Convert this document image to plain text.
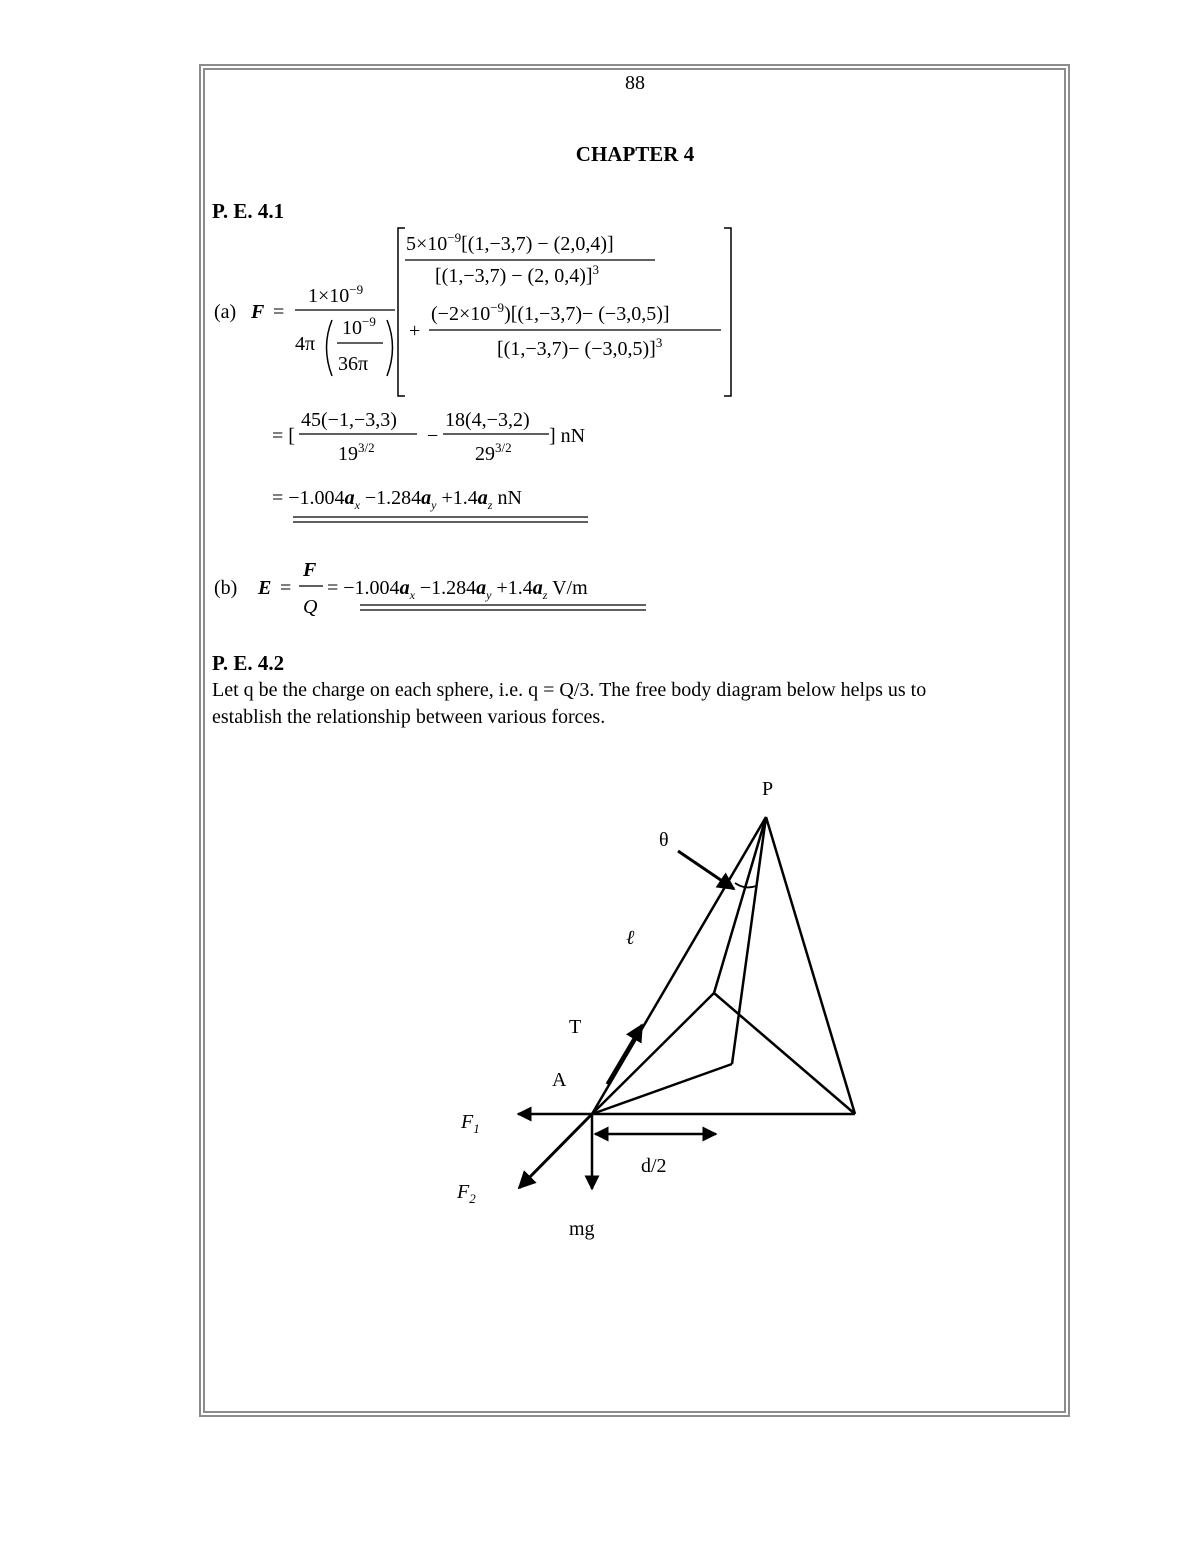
88
CHAPTER 4
P. E. 4.1
(a) F =
$1\times 10^{-9}$
4π
$10^{-9}$
36π
$5\times 10^{-9}[(1,-3,7) - (2,0,4)]$
[(1,−3,7) − (2, 0,4)]$^3$
+
$(-2\times 10^{-9})[(1,-3,7)- (-3,0,5)]$
$[(1,-3,7)- (-3,0,5)]^3$
= [
45(−1,−3,3)
$19^{3/2}$
−
18(4,−3,2)
$29^{3/2}$
] nN
= $-1.004a_x -1.284a_y +1.4a_z$ nN
(b) E =
F
Q
= $-1.004a_x -1.284a_y +1.4a_z$ V/m
P. E. 4.2
Let q be the charge on each sphere, i.e. q = Q/3. The free body diagram below helps us to
establish the relationship between various forces.
P
θ
ℓ
T
A
$F_1$
$F_2$
d/2
mg
